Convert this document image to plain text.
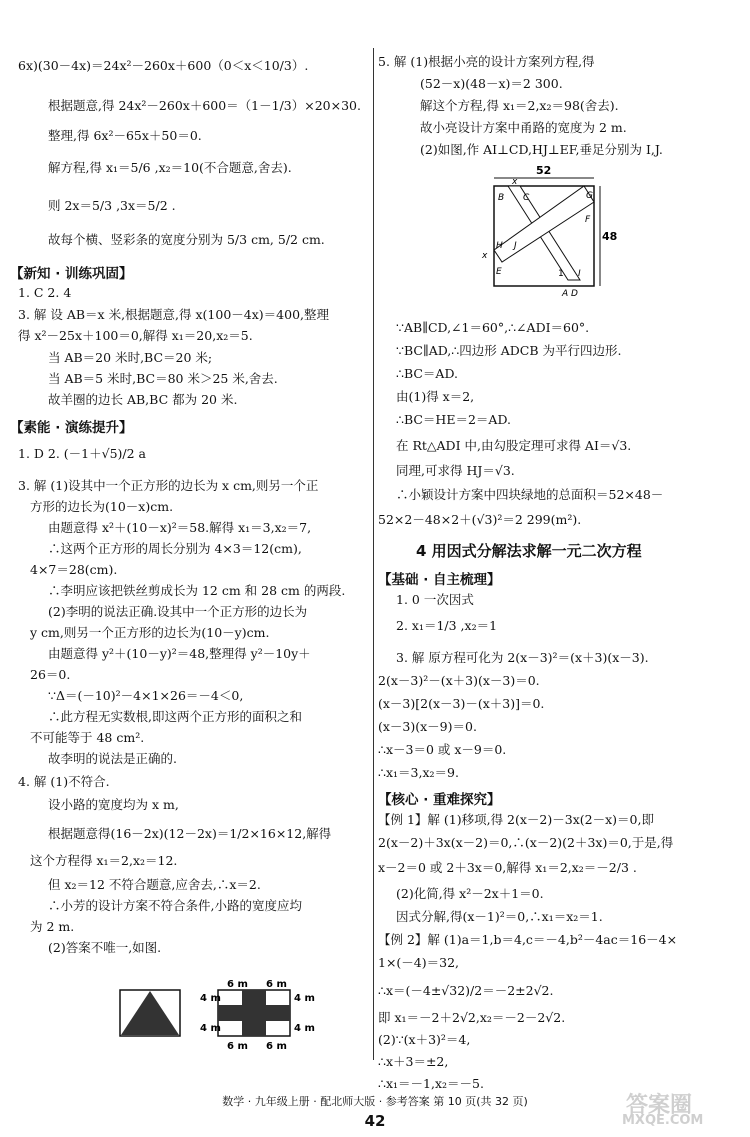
6x)(30－4x)＝24x²－260x＋600（0＜x＜10/3）.
根据题意,得 24x²－260x＋600＝（1－1/3）×20×30.
整理,得 6x²－65x＋50＝0.
解方程,得 x₁＝5/6 ,x₂＝10(不合题意,舍去).
则 2x＝5/3 ,3x＝5/2 .
故每个横、竖彩条的宽度分别为 5/3 cm, 5/2 cm.
【新知 · 训练巩固】
1. C 2. 4
3. 解 设 AB＝x 米,根据题意,得 x(100－4x)＝400,整理
得 x²－25x＋100＝0,解得 x₁＝20,x₂＝5.
当 AB＝20 米时,BC＝20 米;
当 AB＝5 米时,BC＝80 米＞25 米,舍去.
故羊圈的边长 AB,BC 都为 20 米.
【素能 · 演练提升】
1. D 2. (－1＋√5)/2 a
3. 解 (1)设其中一个正方形的边长为 x cm,则另一个正
方形的边长为(10－x)cm.
由题意得 x²＋(10－x)²＝58.解得 x₁＝3,x₂＝7,
∴这两个正方形的周长分别为 4×3＝12(cm),
4×7＝28(cm).
∴李明应该把铁丝剪成长为 12 cm 和 28 cm 的两段.
(2)李明的说法正确.设其中一个正方形的边长为
y cm,则另一个正方形的边长为(10－y)cm.
由题意得 y²＋(10－y)²＝48,整理得 y²－10y＋
26＝0.
∵Δ＝(－10)²－4×1×26＝－4＜0,
∴此方程无实数根,即这两个正方形的面积之和
不可能等于 48 cm².
故李明的说法是正确的.
4. 解 (1)不符合.
设小路的宽度均为 x m,
根据题意得(16－2x)(12－2x)＝1/2×16×12,解得
这个方程得 x₁＝2,x₂＝12.
但 x₂＝12 不符合题意,应舍去,∴x＝2.
∴小芳的设计方案不符合条件,小路的宽度应均
为 2 m.
(2)答案不唯一,如图.
6 m 6 m
6 m 6 m
4 m
4 m
4 m
4 m
5. 解 (1)根据小亮的设计方案列方程,得
(52－x)(48－x)＝2 300.
解这个方程,得 x₁＝2,x₂＝98(舍去).
故小亮设计方案中甬路的宽度为 2 m.
(2)如图,作 AI⊥CD,HJ⊥EF,垂足分别为 I,J.
52
48
B C	G
F
H J
E	1 I
A D
x
x
∵AB∥CD,∠1＝60°,∴∠ADI＝60°.
∵BC∥AD,∴四边形 ADCB 为平行四边形.
∴BC＝AD.
由(1)得 x＝2,
∴BC＝HE＝2＝AD.
在 Rt△ADI 中,由勾股定理可求得 AI＝√3.
同理,可求得 HJ＝√3.
∴小颖设计方案中四块绿地的总面积＝52×48－
52×2－48×2＋(√3)²＝2 299(m²).
4 用因式分解法求解一元二次方程
【基础 · 自主梳理】
1. 0 一次因式
2. x₁＝1/3 ,x₂＝1
3. 解 原方程可化为 2(x－3)²＝(x＋3)(x－3).
2(x－3)²－(x＋3)(x－3)＝0.
(x－3)[2(x－3)－(x＋3)]＝0.
(x－3)(x－9)＝0.
∴x－3＝0 或 x－9＝0.
∴x₁＝3,x₂＝9.
【核心 · 重难探究】
【例 1】解 (1)移项,得 2(x－2)－3x(2－x)＝0,即
2(x－2)＋3x(x－2)＝0,∴(x－2)(2＋3x)＝0,于是,得
x－2＝0 或 2＋3x＝0,解得 x₁＝2,x₂＝－2/3 .
(2)化简,得 x²－2x＋1＝0.
因式分解,得(x－1)²＝0,∴x₁＝x₂＝1.
【例 2】解 (1)a＝1,b＝4,c＝－4,b²－4ac＝16－4×
1×(－4)＝32,
∴x＝(－4±√32)/2＝－2±2√2.
即 x₁＝－2＋2√2,x₂＝－2－2√2.
(2)∵(x＋3)²＝4,
∴x＋3＝±2,
∴x₁＝－1,x₂＝－5.
数学 · 九年级上册 · 配北师大版 · 参考答案 第 10 页(共 32 页)
42
答案圈
MXQE.COM
